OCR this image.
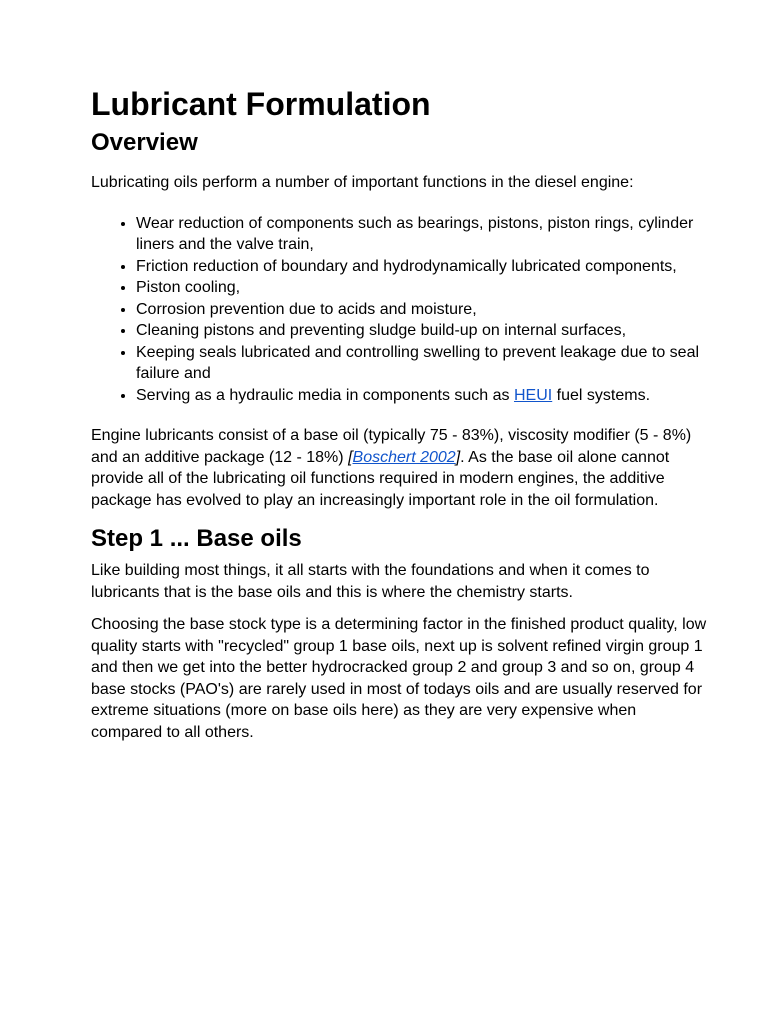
Lubricant Formulation
Overview

Lubricating oils perform a number of important functions in the diesel engine:

• Wear reduction of components such as bearings, pistons, piston rings, cylinder liners and the valve train,
• Friction reduction of boundary and hydrodynamically lubricated components,
• Piston cooling,
• Corrosion prevention due to acids and moisture,
• Cleaning pistons and preventing sludge build-up on internal surfaces,
• Keeping seals lubricated and controlling swelling to prevent leakage due to seal failure and
• Serving as a hydraulic media in components such as HEUI fuel systems.

Engine lubricants consist of a base oil (typically 75 - 83%), viscosity modifier (5 - 8%) and an additive package (12 - 18%) [Boschert 2002]. As the base oil alone cannot provide all of the lubricating oil functions required in modern engines, the additive package has evolved to play an increasingly important role in the oil formulation.

Step 1 ... Base oils

Like building most things, it all starts with the foundations and when it comes to lubricants that is the base oils and this is where the chemistry starts.

Choosing the base stock type is a determining factor in the finished product quality, low quality starts with "recycled" group 1 base oils, next up is solvent refined virgin group 1 and then we get into the better hydrocracked group 2 and group 3 and so on, group 4 base stocks (PAO's) are rarely used in most of todays oils and are usually reserved for extreme situations (more on base oils here) as they are very expensive when compared to all others.
